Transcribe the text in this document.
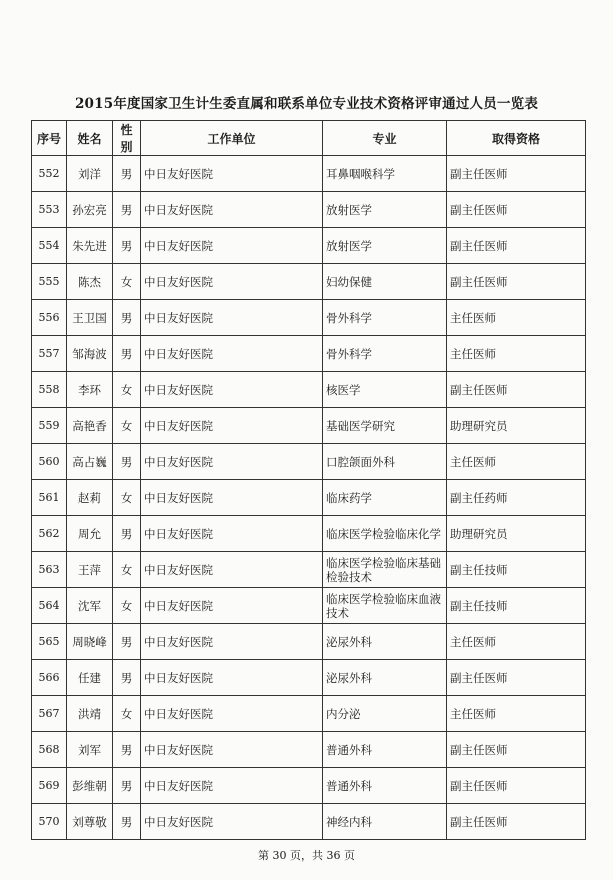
2015年度国家卫生计生委直属和联系单位专业技术资格评审通过人员一览表
序号	姓名	性别	工作单位	专业	取得资格
552	刘洋	男	中日友好医院	耳鼻咽喉科学	副主任医师
553	孙宏亮	男	中日友好医院	放射医学	副主任医师
554	朱先进	男	中日友好医院	放射医学	副主任医师
555	陈杰	女	中日友好医院	妇幼保健	副主任医师
556	王卫国	男	中日友好医院	骨外科学	主任医师
557	邹海波	男	中日友好医院	骨外科学	主任医师
558	李环	女	中日友好医院	核医学	副主任医师
559	高艳香	女	中日友好医院	基础医学研究	助理研究员
560	高占巍	男	中日友好医院	口腔颌面外科	主任医师
561	赵莉	女	中日友好医院	临床药学	副主任药师
562	周允	男	中日友好医院	临床医学检验临床化学	助理研究员
563	王萍	女	中日友好医院	临床医学检验临床基础检验技术	副主任技师
564	沈军	女	中日友好医院	临床医学检验临床血液技术	副主任技师
565	周晓峰	男	中日友好医院	泌尿外科	主任医师
566	任建	男	中日友好医院	泌尿外科	副主任医师
567	洪靖	女	中日友好医院	内分泌	主任医师
568	刘军	男	中日友好医院	普通外科	副主任医师
569	彭维朝	男	中日友好医院	普通外科	副主任医师
570	刘尊敬	男	中日友好医院	神经内科	副主任医师
第 30 页，共 36 页
